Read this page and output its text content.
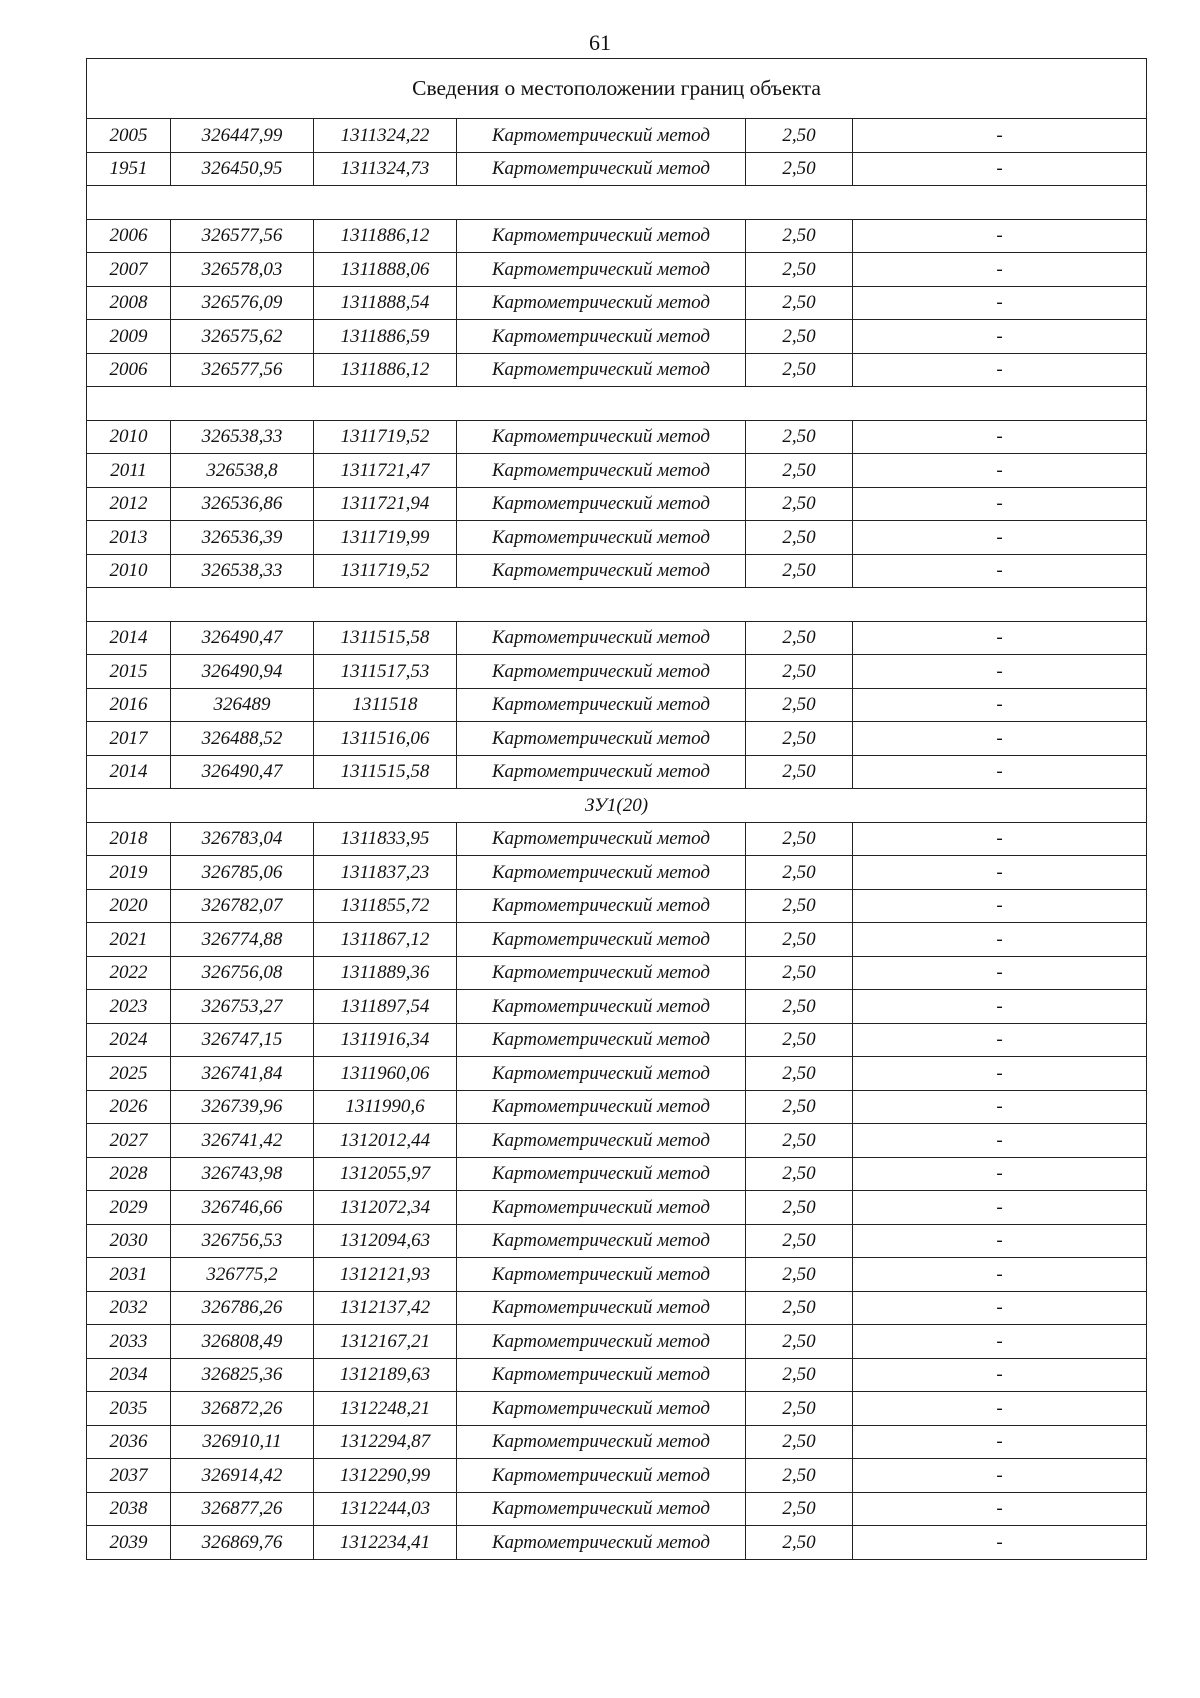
61
Сведения о местоположении границ объекта					
2005	326447,99	1311324,22	Картометрический метод	2,50	-
1951	326450,95	1311324,73	Картометрический метод	2,50	-

2006	326577,56	1311886,12	Картометрический метод	2,50	-
2007	326578,03	1311888,06	Картометрический метод	2,50	-
2008	326576,09	1311888,54	Картометрический метод	2,50	-
2009	326575,62	1311886,59	Картометрический метод	2,50	-
2006	326577,56	1311886,12	Картометрический метод	2,50	-

2010	326538,33	1311719,52	Картометрический метод	2,50	-
2011	326538,8	1311721,47	Картометрический метод	2,50	-
2012	326536,86	1311721,94	Картометрический метод	2,50	-
2013	326536,39	1311719,99	Картометрический метод	2,50	-
2010	326538,33	1311719,52	Картометрический метод	2,50	-

2014	326490,47	1311515,58	Картометрический метод	2,50	-
2015	326490,94	1311517,53	Картометрический метод	2,50	-
2016	326489	1311518	Картометрический метод	2,50	-
2017	326488,52	1311516,06	Картометрический метод	2,50	-
2014	326490,47	1311515,58	Картометрический метод	2,50	-
ЗУ1(20)					
2018	326783,04	1311833,95	Картометрический метод	2,50	-
2019	326785,06	1311837,23	Картометрический метод	2,50	-
2020	326782,07	1311855,72	Картометрический метод	2,50	-
2021	326774,88	1311867,12	Картометрический метод	2,50	-
2022	326756,08	1311889,36	Картометрический метод	2,50	-
2023	326753,27	1311897,54	Картометрический метод	2,50	-
2024	326747,15	1311916,34	Картометрический метод	2,50	-
2025	326741,84	1311960,06	Картометрический метод	2,50	-
2026	326739,96	1311990,6	Картометрический метод	2,50	-
2027	326741,42	1312012,44	Картометрический метод	2,50	-
2028	326743,98	1312055,97	Картометрический метод	2,50	-
2029	326746,66	1312072,34	Картометрический метод	2,50	-
2030	326756,53	1312094,63	Картометрический метод	2,50	-
2031	326775,2	1312121,93	Картометрический метод	2,50	-
2032	326786,26	1312137,42	Картометрический метод	2,50	-
2033	326808,49	1312167,21	Картометрический метод	2,50	-
2034	326825,36	1312189,63	Картометрический метод	2,50	-
2035	326872,26	1312248,21	Картометрический метод	2,50	-
2036	326910,11	1312294,87	Картометрический метод	2,50	-
2037	326914,42	1312290,99	Картометрический метод	2,50	-
2038	326877,26	1312244,03	Картометрический метод	2,50	-
2039	326869,76	1312234,41	Картометрический метод	2,50	-
